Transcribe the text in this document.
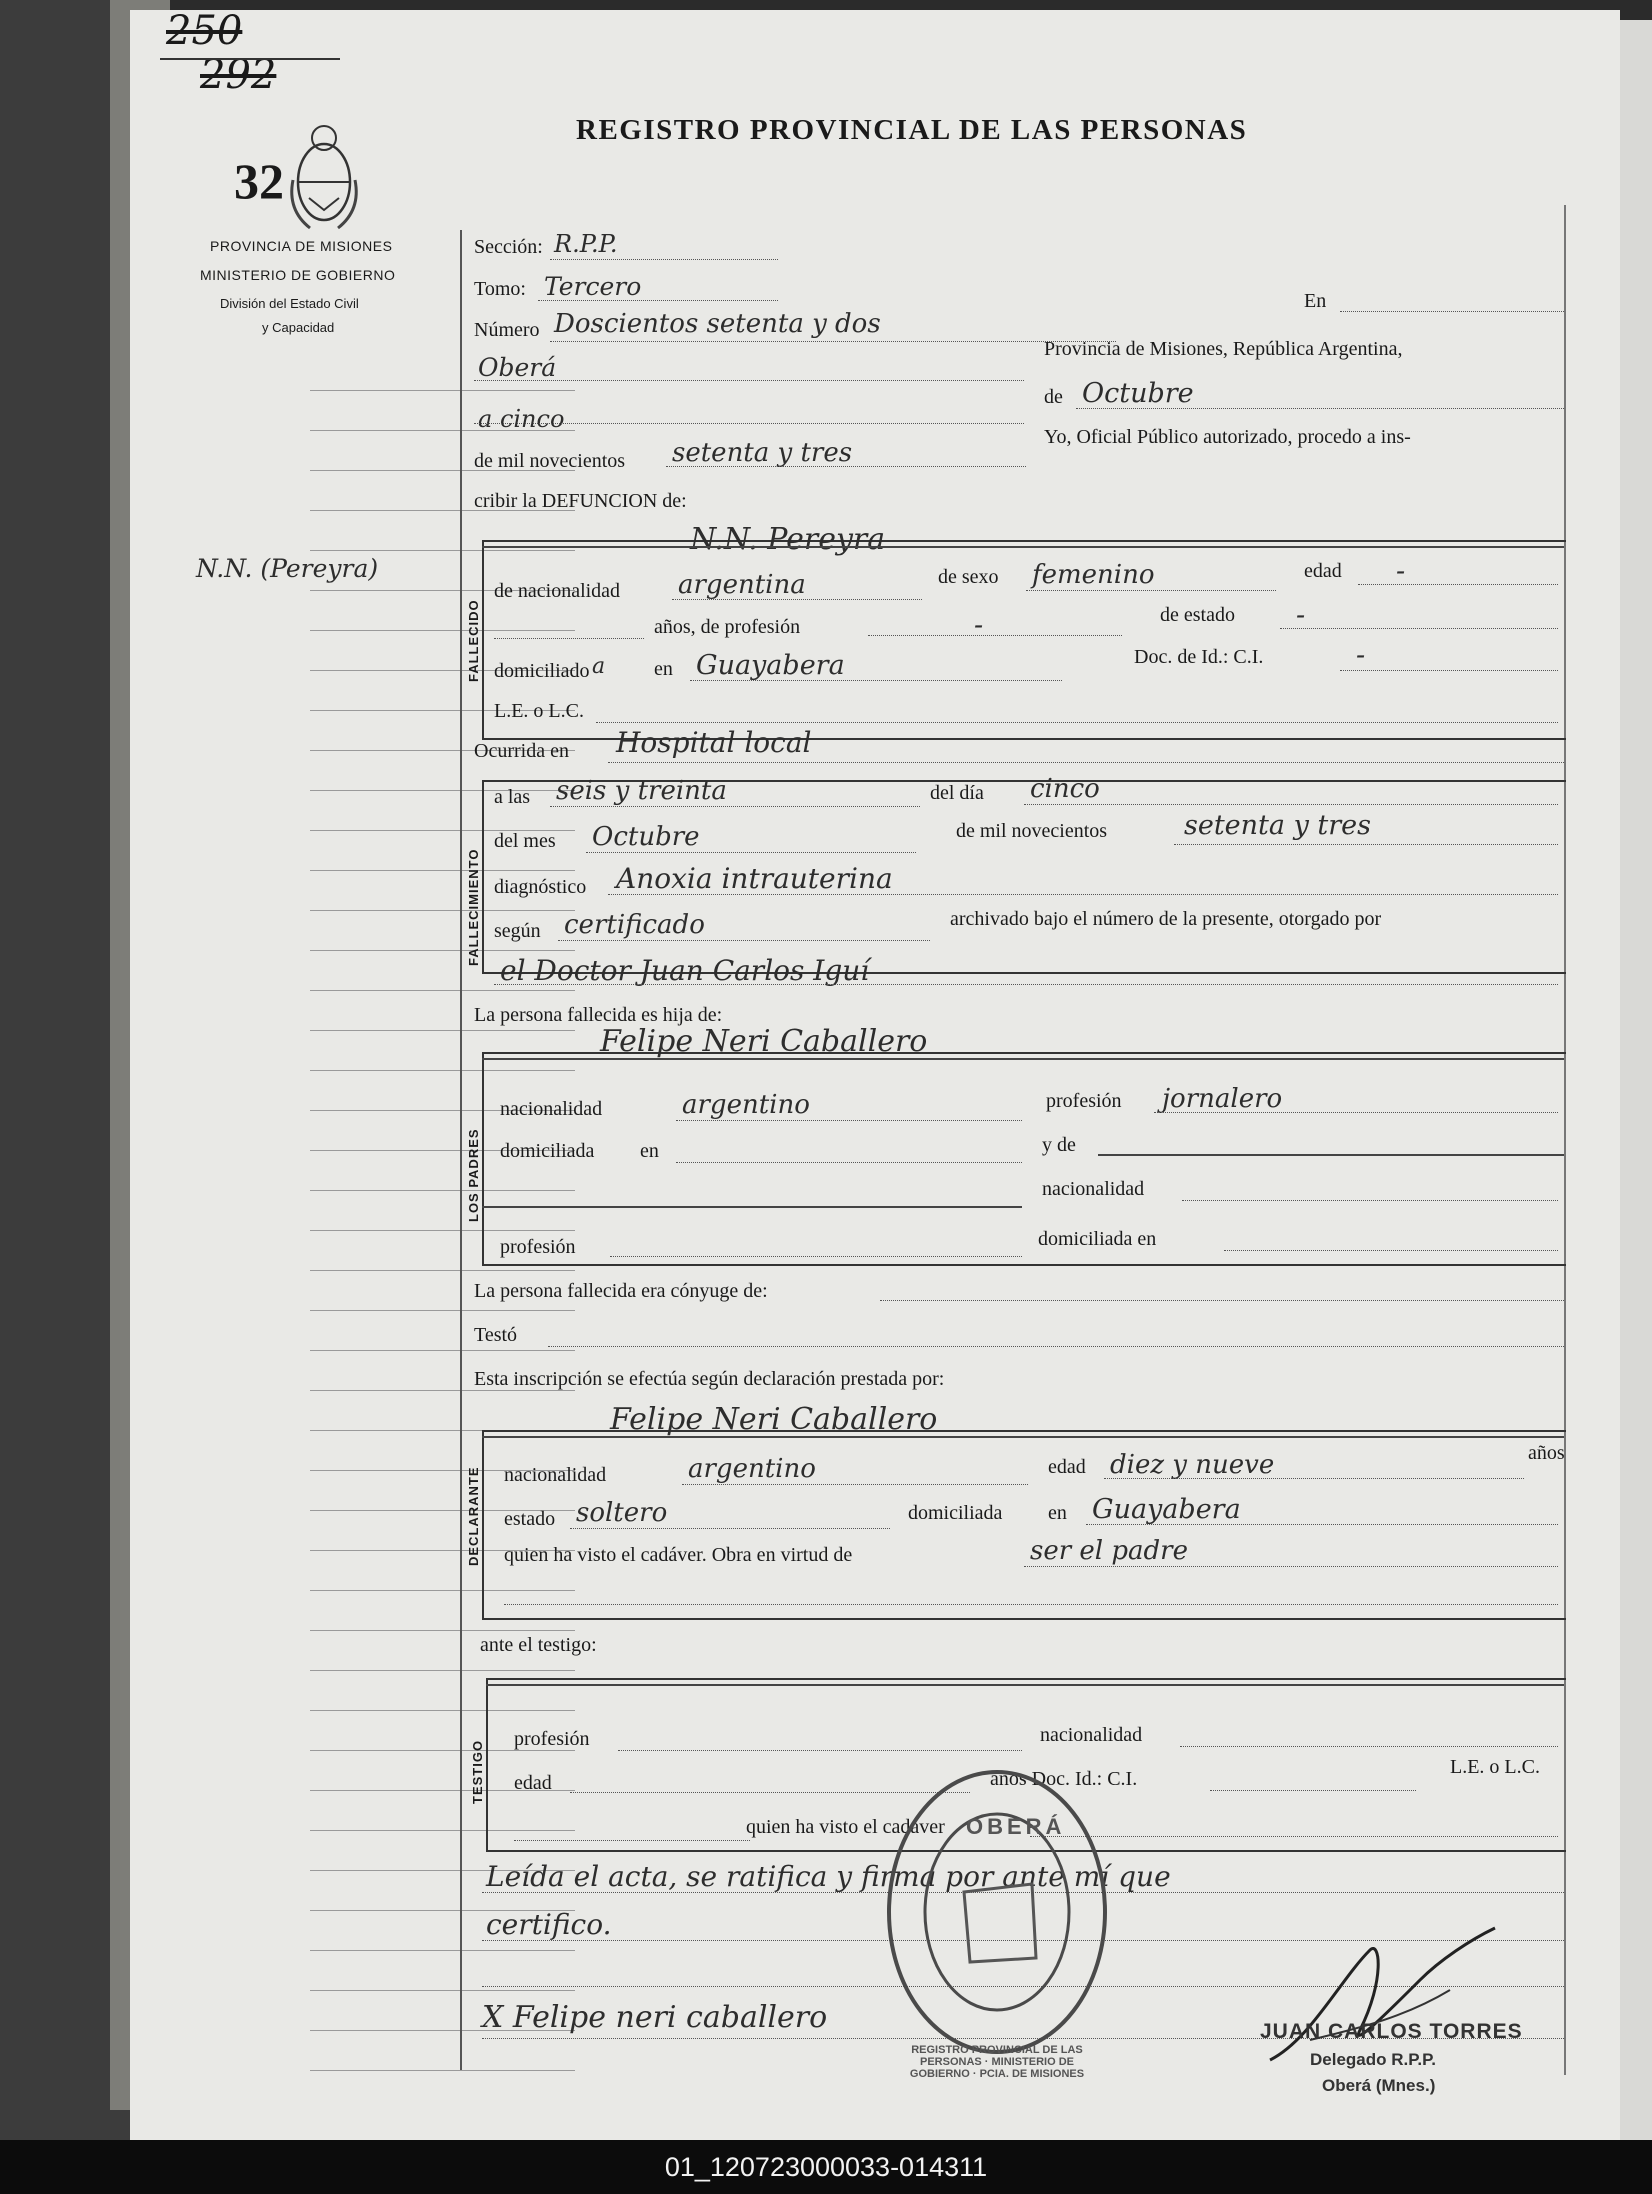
250
292
32
PROVINCIA DE MISIONES
MINISTERIO DE GOBIERNO
División del Estado Civil
y Capacidad
REGISTRO PROVINCIAL DE LAS PERSONAS
N.N. (Pereyra)
Sección: R.P.P.
Tomo: Tercero
Número Doscientos setenta y dos
En
Oberá
Provincia de Misiones, República Argentina,
a cinco
de Octubre
de mil novecientos setenta y tres
Yo, Oficial Público autorizado, procedo a ins-
cribir la DEFUNCION de:
FALLECIDO
N.N. Pereyra
de nacionalidad argentina	de sexo femenino	edad -
años, de profesión	-	de estado -
domiciliado a en Guayabera	Doc. de Id.: C.I.	-
L.E. o L.C.
Ocurrida en Hospital local
FALLECIMIENTO
a las seis y treinta	del día cinco
del mes Octubre	de mil novecientos	setenta y tres
diagnóstico Anoxia intrauterina
según certificado	archivado bajo el número de la presente, otorgado por
el Doctor Juan Carlos Iguí
La persona fallecida es hija de:
LOS PADRES
Felipe Neri Caballero
nacionalidad	argentino	profesión jornalero
domiciliada en	y de
nacionalidad
profesión	domiciliada en
La persona fallecida era cónyuge de:
Testó
Esta inscripción se efectúa según declaración prestada por:
DECLARANTE
Felipe Neri Caballero
nacionalidad	argentino	edad diez y nueve	años
estado soltero	domiciliada en Guayabera
quien ha visto el cadáver. Obra en virtud de	ser el padre
ante el testigo:
TESTIGO
profesión	nacionalidad
edad	años Doc. Id.: C.I.
L.E. o L.C.
quien ha visto el cadáver
Leída el acta, se ratifica y firma por ante mí que
certifico.
X Felipe neri caballero
REGISTRO PROVINCIAL DE LAS PERSONAS · MINISTERIO DE GOBIERNO · PCIA. DE MISIONES
OBERÁ
JUAN CARLOS TORRES
Delegado R.P.P.
Oberá (Mnes.)
01_120723000033-014311
